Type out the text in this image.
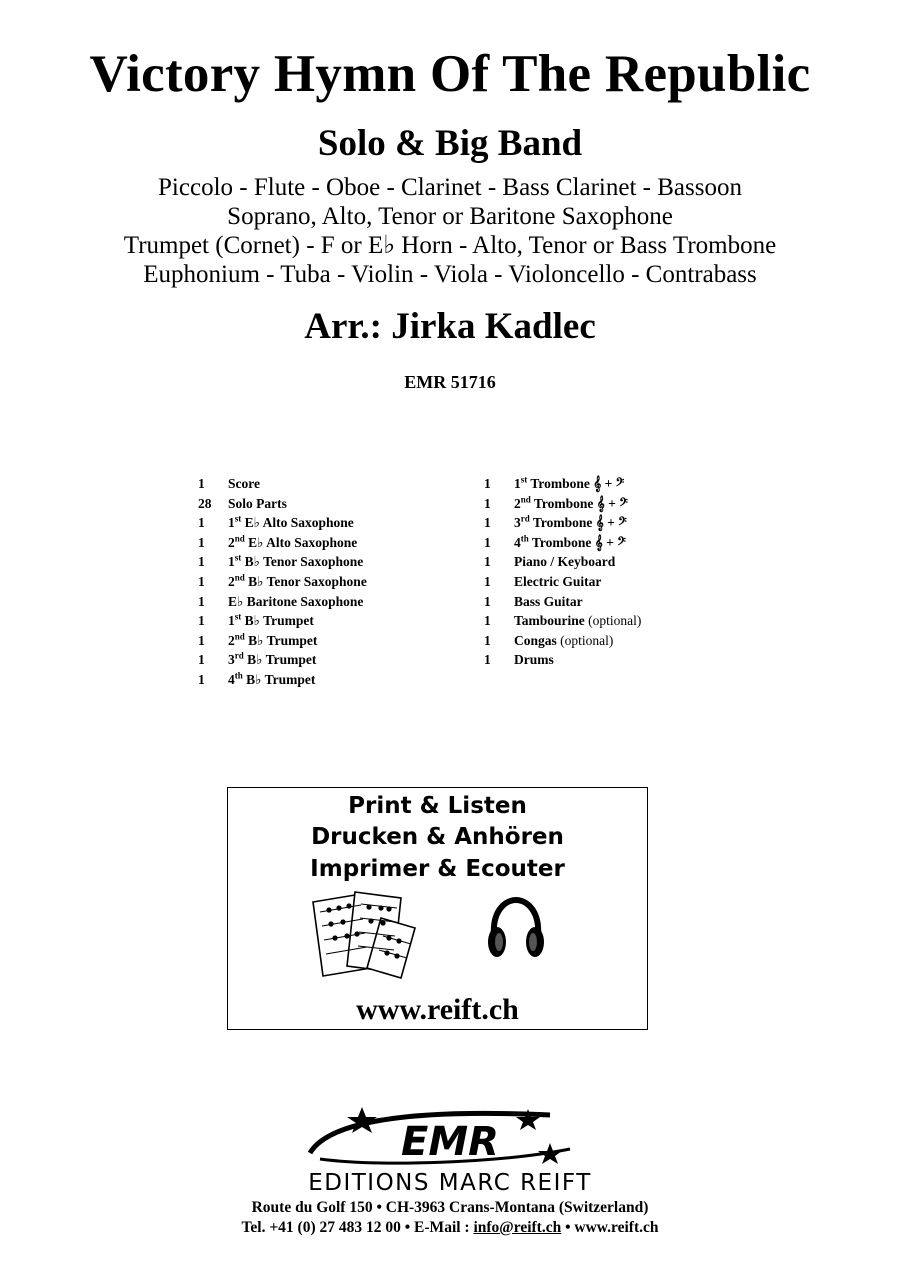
Victory Hymn Of The Republic
Solo & Big Band
Piccolo - Flute - Oboe - Clarinet - Bass Clarinet - Bassoon
Soprano, Alto, Tenor or Baritone Saxophone
Trumpet (Cornet) - F or E♭ Horn - Alto, Tenor or Bass Trombone
Euphonium - Tuba - Violin - Viola - Violoncello - Contrabass
Arr.: Jirka Kadlec
EMR 51716
1 Score
28 Solo Parts
1 1st E♭ Alto Saxophone
1 2nd E♭ Alto Saxophone
1 1st B♭ Tenor Saxophone
1 2nd B♭ Tenor Saxophone
1 E♭ Baritone Saxophone
1 1st B♭ Trumpet
1 2nd B♭ Trumpet
1 3rd B♭ Trumpet
1 4th B♭ Trumpet
1 1st Trombone 𝄞 + 𝄢
1 2nd Trombone 𝄞 + 𝄢
1 3rd Trombone 𝄞 + 𝄢
1 4th Trombone 𝄞 + 𝄢
1 Piano / Keyboard
1 Electric Guitar
1 Bass Guitar
1 Tambourine (optional)
1 Congas (optional)
1 Drums
Print & Listen
Drucken & Anhören
Imprimer & Ecouter
www.reift.ch
EMR
EDITIONS MARC REIFT
Route du Golf 150 • CH-3963 Crans-Montana (Switzerland)
Tel. +41 (0) 27 483 12 00 • E-Mail : info@reift.ch • www.reift.ch
